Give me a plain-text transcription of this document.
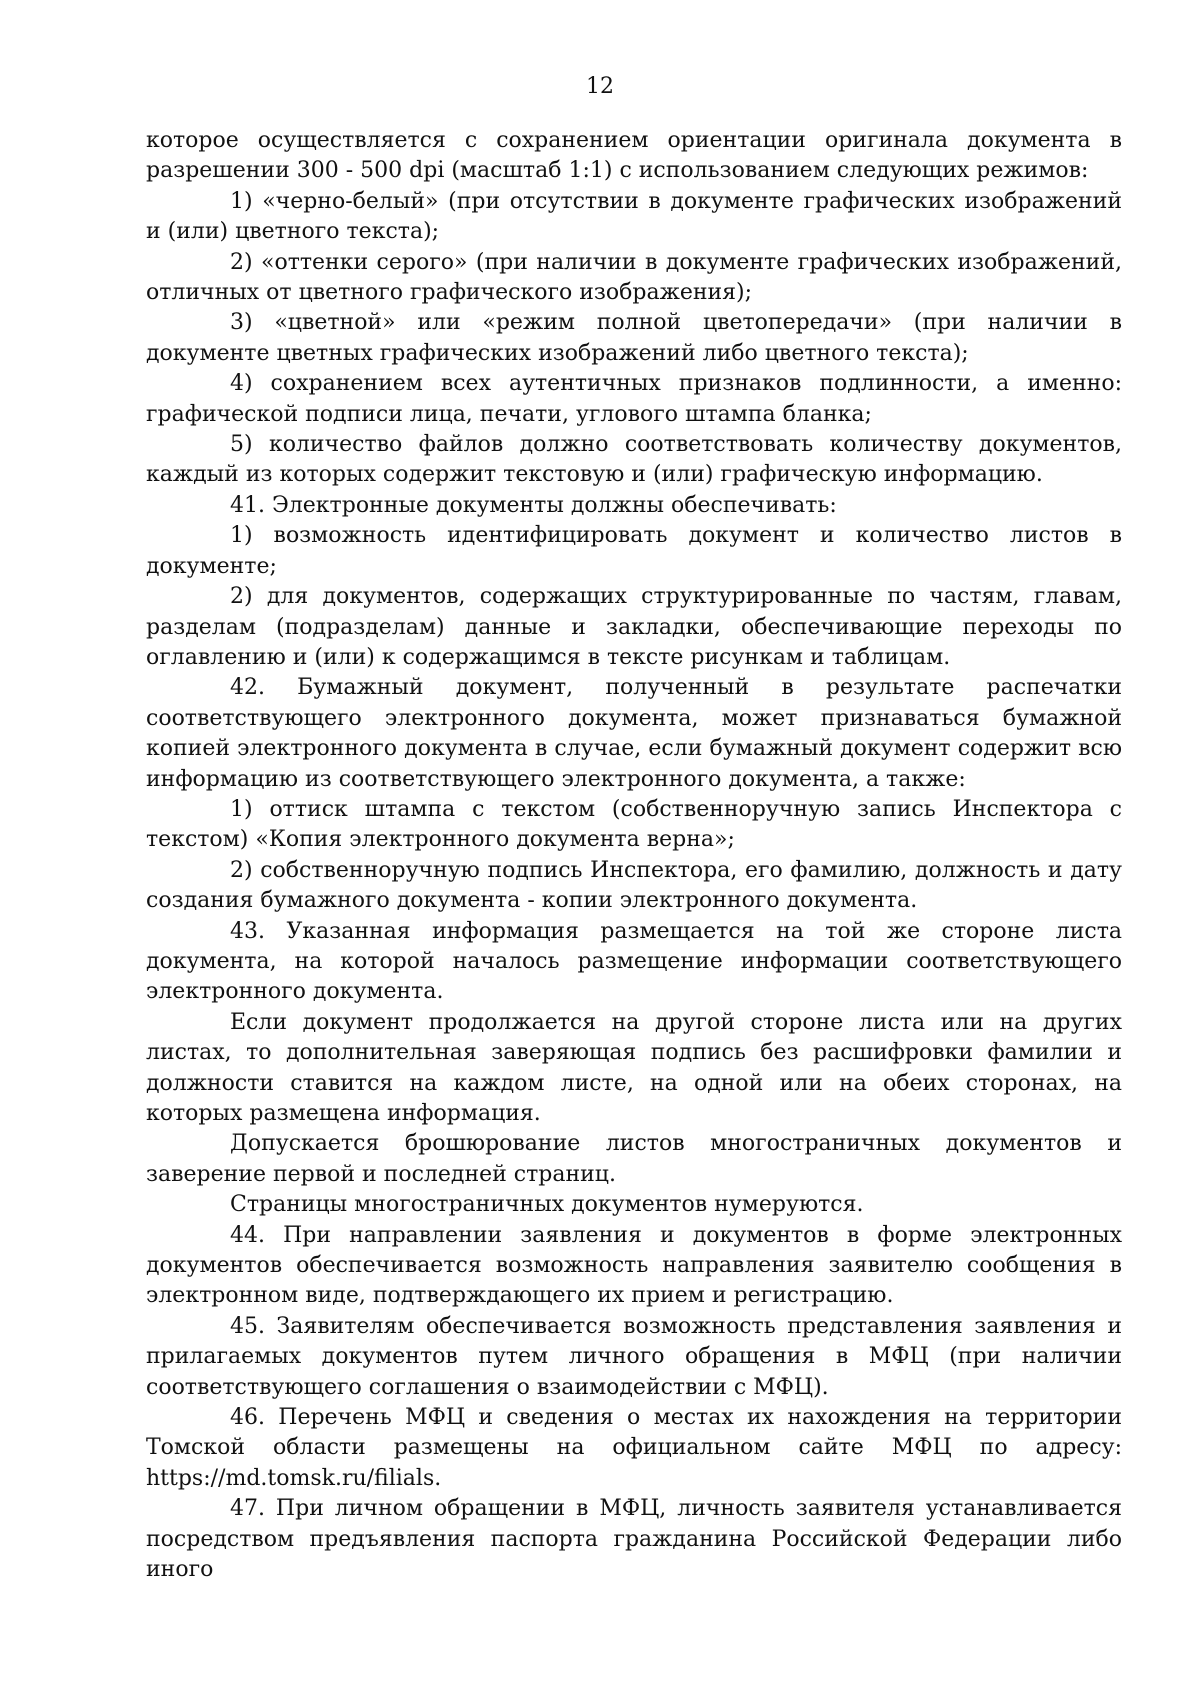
12

которое осуществляется с сохранением ориентации оригинала документа в разрешении 300 - 500 dpi (масштаб 1:1) с использованием следующих режимов:

1) «черно-белый» (при отсутствии в документе графических изображений и (или) цветного текста);

2) «оттенки серого» (при наличии в документе графических изображений, отличных от цветного графического изображения);

3) «цветной» или «режим полной цветопередачи» (при наличии в документе цветных графических изображений либо цветного текста);

4) сохранением всех аутентичных признаков подлинности, а именно: графической подписи лица, печати, углового штампа бланка;

5) количество файлов должно соответствовать количеству документов, каждый из которых содержит текстовую и (или) графическую информацию.

41. Электронные документы должны обеспечивать:

1) возможность идентифицировать документ и количество листов в документе;

2) для документов, содержащих структурированные по частям, главам, разделам (подразделам) данные и закладки, обеспечивающие переходы по оглавлению и (или) к содержащимся в тексте рисункам и таблицам.

42. Бумажный документ, полученный в результате распечатки соответствующего электронного документа, может признаваться бумажной копией электронного документа в случае, если бумажный документ содержит всю информацию из соответствующего электронного документа, а также:

1) оттиск штампа с текстом (собственноручную запись Инспектора с текстом) «Копия электронного документа верна»;

2) собственноручную подпись Инспектора, его фамилию, должность и дату создания бумажного документа - копии электронного документа.

43. Указанная информация размещается на той же стороне листа документа, на которой началось размещение информации соответствующего электронного документа.

Если документ продолжается на другой стороне листа или на других листах, то дополнительная заверяющая подпись без расшифровки фамилии и должности ставится на каждом листе, на одной или на обеих сторонах, на которых размещена информация.

Допускается брошюрование листов многостраничных документов и заверение первой и последней страниц.

Страницы многостраничных документов нумеруются.

44. При направлении заявления и документов в форме электронных документов обеспечивается возможность направления заявителю сообщения в электронном виде, подтверждающего их прием и регистрацию.

45. Заявителям обеспечивается возможность представления заявления и прилагаемых документов путем личного обращения в МФЦ (при наличии соответствующего соглашения о взаимодействии с МФЦ).

46. Перечень МФЦ и сведения о местах их нахождения на территории Томской области размещены на официальном сайте МФЦ по адресу: https://md.tomsk.ru/filials.

47. При личном обращении в МФЦ, личность заявителя устанавливается посредством предъявления паспорта гражданина Российской Федерации либо иного
